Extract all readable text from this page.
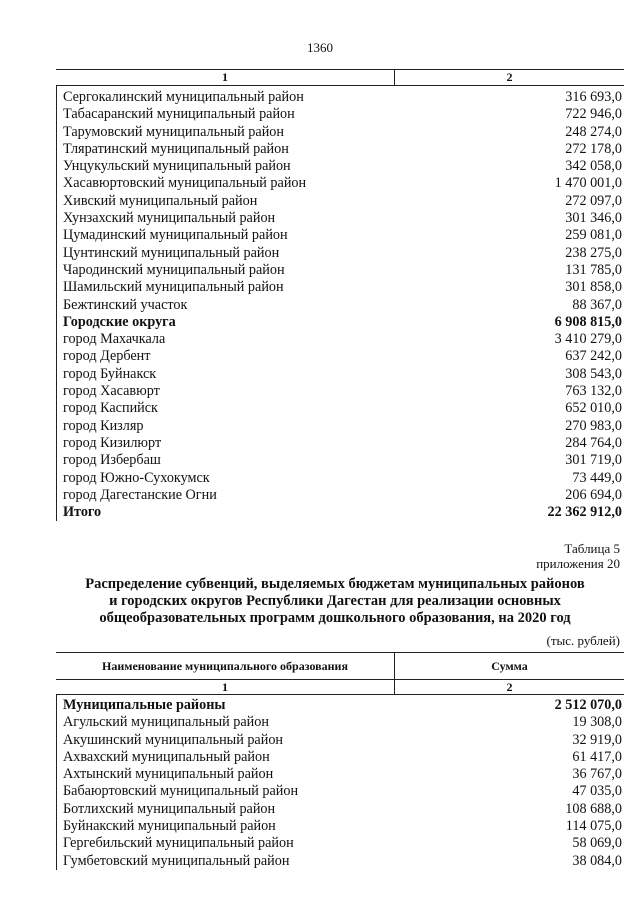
1360
1	2
Сергокалинский муниципальный район	316 693,0
Табасаранский муниципальный район	722 946,0
Тарумовский муниципальный район	248 274,0
Тляратинский муниципальный район	272 178,0
Унцукульский муниципальный район	342 058,0
Хасавюртовский муниципальный район	1 470 001,0
Хивский муниципальный район	272 097,0
Хунзахский муниципальный район	301 346,0
Цумадинский муниципальный район	259 081,0
Цунтинский муниципальный район	238 275,0
Чародинский муниципальный район	131 785,0
Шамильский муниципальный район	301 858,0
Бежтинский участок	88 367,0
Городские округа	6 908 815,0
город Махачкала	3 410 279,0
город Дербент	637 242,0
город Буйнакск	308 543,0
город Хасавюрт	763 132,0
город Каспийск	652 010,0
город Кизляр	270 983,0
город Кизилюрт	284 764,0
город Избербаш	301 719,0
город Южно-Сухокумск	73 449,0
город Дагестанские Огни	206 694,0
Итого	22 362 912,0
Таблица 5
приложения 20
Распределение субвенций, выделяемых бюджетам муниципальных районов
и городских округов Республики Дагестан для реализации основных
общеобразовательных программ дошкольного образования, на 2020 год
(тыс. рублей)
Наименование муниципального образования	Сумма
1	2
Муниципальные районы	2 512 070,0
Агульский муниципальный район	19 308,0
Акушинский муниципальный район	32 919,0
Ахвахский муниципальный район	61 417,0
Ахтынский муниципальный район	36 767,0
Бабаюртовский муниципальный район	47 035,0
Ботлихский муниципальный район	108 688,0
Буйнакский муниципальный район	114 075,0
Гергебильский муниципальный район	58 069,0
Гумбетовский муниципальный район	38 084,0
